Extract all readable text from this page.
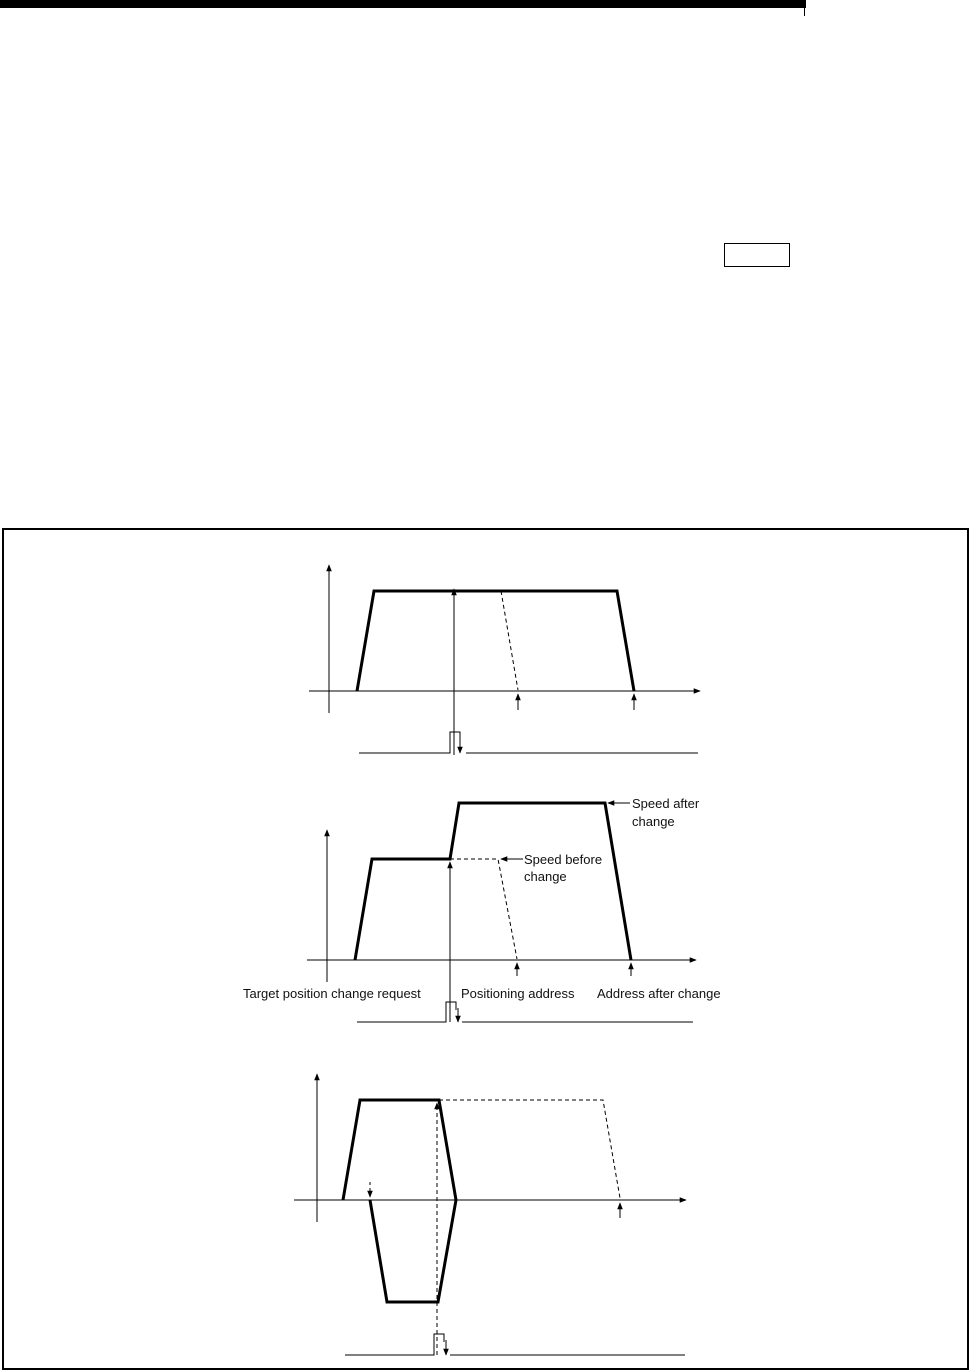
Speed after
change
Speed before
change
Target position change request	Positioning address Address after change
